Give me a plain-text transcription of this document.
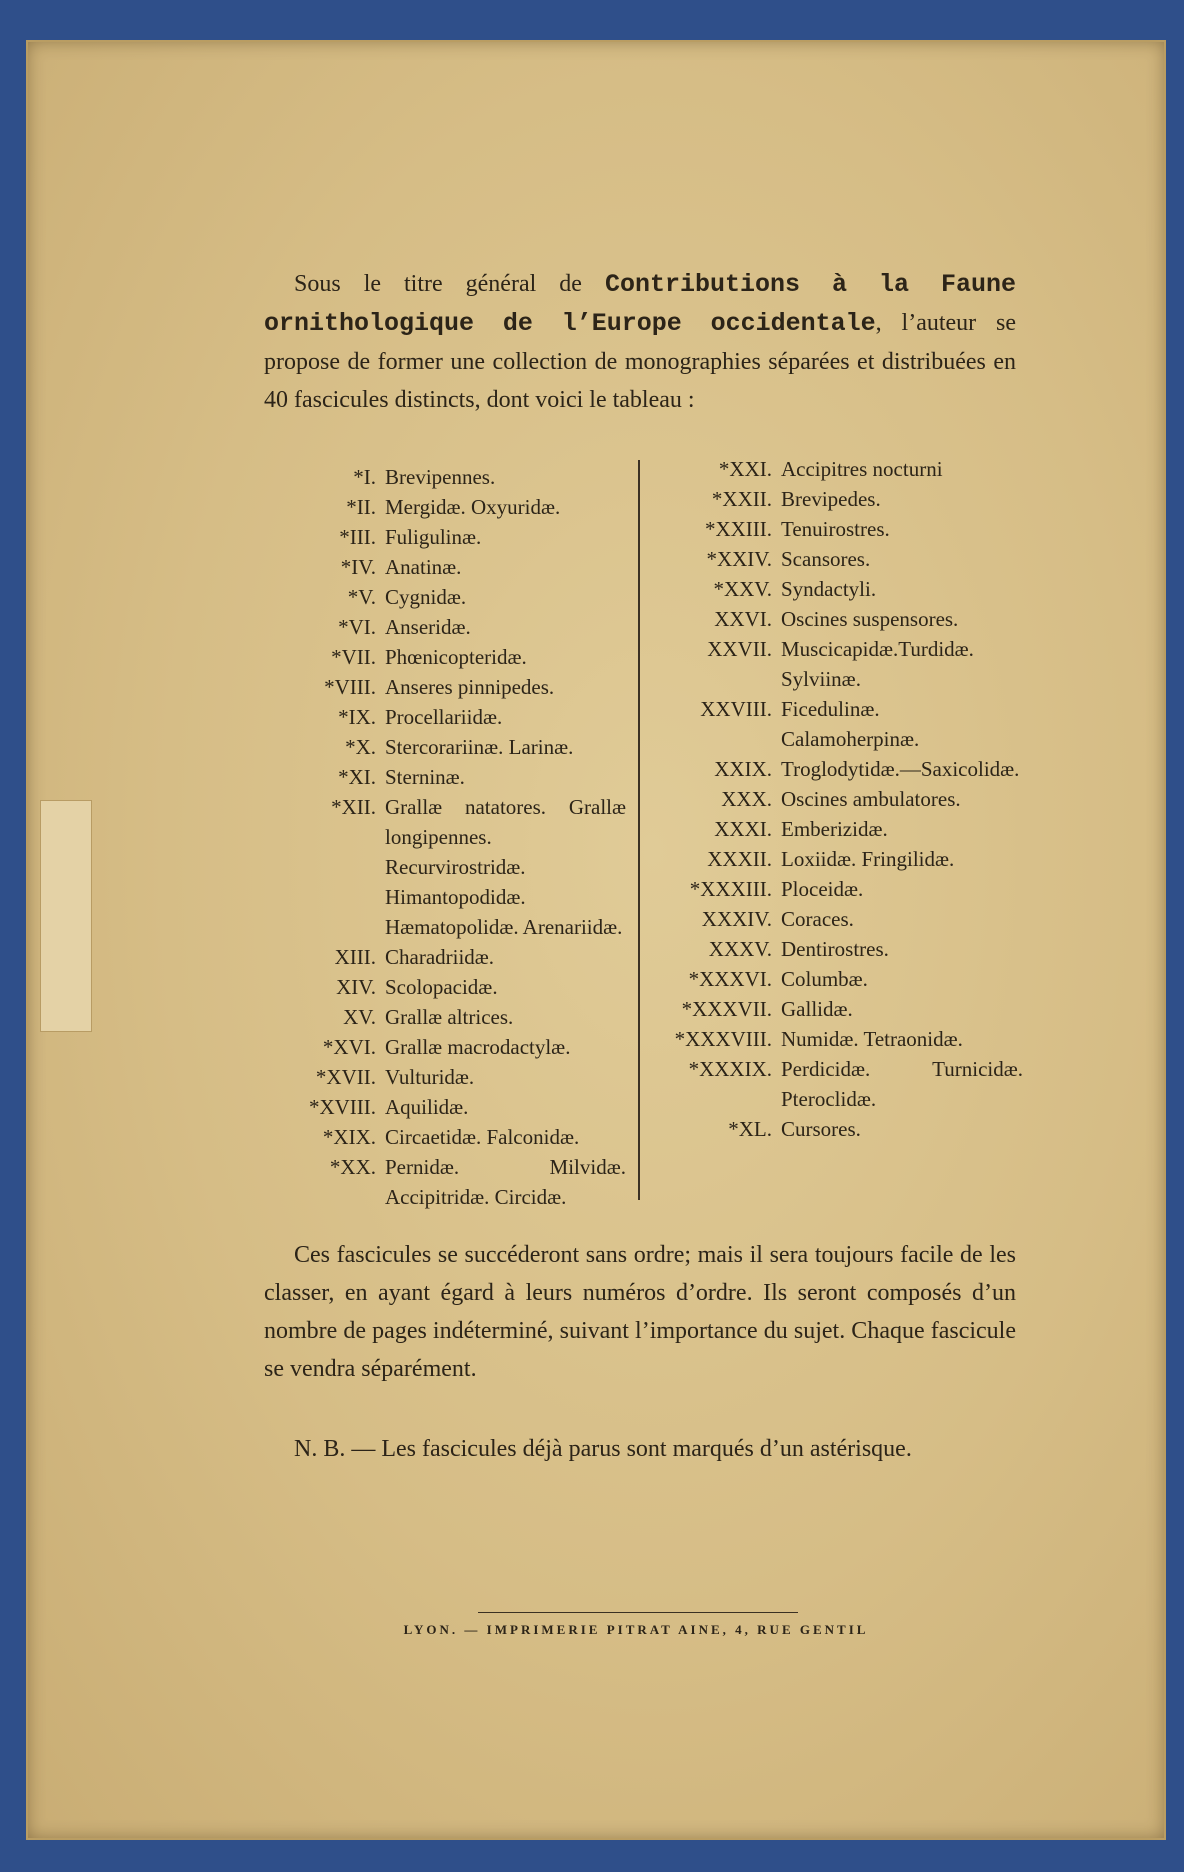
Sous le titre général de Contributions à la Faune ornithologique de l’Europe occidentale, l’auteur se propose de former une collection de monographies séparées et distribuées en 40 fascicules distincts, dont voici le tableau :

*I. Brevipennes.
*II. Mergidæ. Oxyuridæ.
*III. Fuligulinæ.
*IV. Anatinæ.
*V. Cygnidæ.
*VI. Anseridæ.
*VII. Phœnicopteridæ.
*VIII. Anseres pinnipedes.
*IX. Procellariidæ.
*X. Stercorariinæ. Larinæ.
*XI. Sterninæ.
*XII. Grallæ natatores. Grallæ longipennes. Recurvirostridæ. Himantopodidæ. Hæmatopolidæ. Arenariidæ.
XIII. Charadriidæ.
XIV. Scolopacidæ.
XV. Grallæ altrices.
*XVI. Grallæ macrodactylæ.
*XVII. Vulturidæ.
*XVIII. Aquilidæ.
*XIX. Circaetidæ. Falconidæ.
*XX. Pernidæ. Milvidæ. Accipitridæ. Circidæ.
*XXI. Accipitres nocturni
*XXII. Brevipedes.
*XXIII. Tenuirostres.
*XXIV. Scansores.
*XXV. Syndactyli.
XXVI. Oscines suspensores.
XXVII. Muscicapidæ.Turdidæ. Sylviinæ.
XXVIII. Ficedulinæ. Calamoherpinæ.
XXIX. Troglodytidæ.—Saxicolidæ.
XXX. Oscines ambulatores.
XXXI. Emberizidæ.
XXXII. Loxiidæ. Fringilidæ.
*XXXIII. Ploceidæ.
XXXIV. Coraces.
XXXV. Dentirostres.
*XXXVI. Columbæ.
*XXXVII. Gallidæ.
*XXXVIII. Numidæ. Tetraonidæ.
*XXXIX. Perdicidæ. Turnicidæ. Pteroclidæ.
*XL. Cursores.

Ces fascicules se succéderont sans ordre; mais il sera toujours facile de les classer, en ayant égard à leurs numéros d’ordre. Ils seront composés d’un nombre de pages indéterminé, suivant l’importance du sujet. Chaque fascicule se vendra séparément.

N. B. — Les fascicules déjà parus sont marqués d’un astérisque.

LYON. — IMPRIMERIE PITRAT AINE, 4, RUE GENTIL
